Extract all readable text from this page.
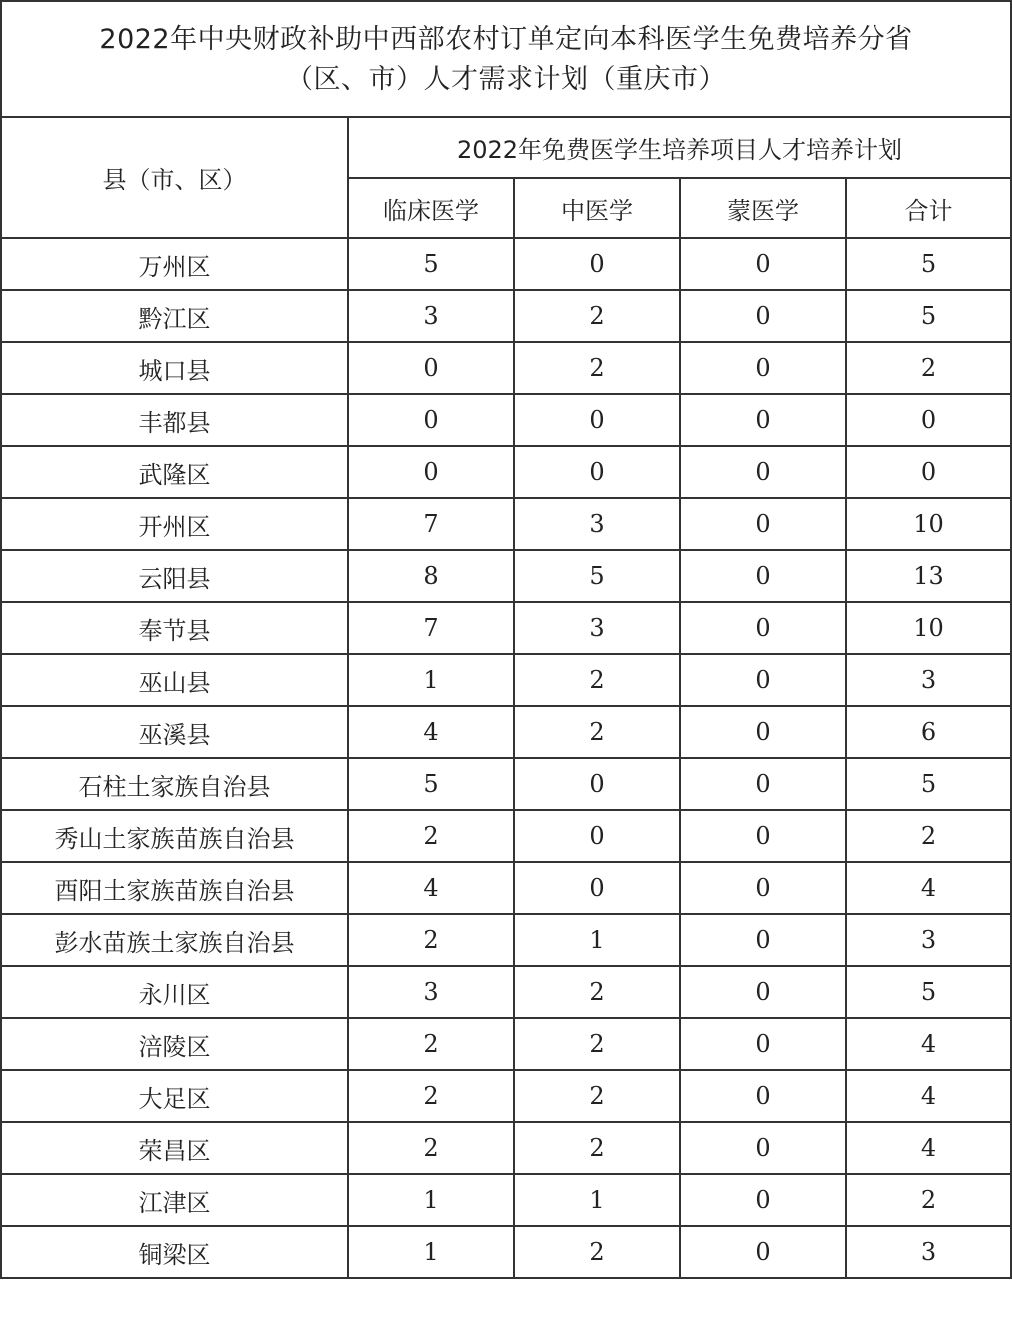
2022年中央财政补助中西部农村订单定向本科医学生免费培养分省
（区、市）人才需求计划（重庆市）
县（市、区）	2022年免费医学生培养项目人才培养计划			
	临床医学	中医学	蒙医学	合计
万州区	5	0	0	5
黔江区	3	2	0	5
城口县	0	2	0	2
丰都县	0	0	0	0
武隆区	0	0	0	0
开州区	7	3	0	10
云阳县	8	5	0	13
奉节县	7	3	0	10
巫山县	1	2	0	3
巫溪县	4	2	0	6
石柱土家族自治县	5	0	0	5
秀山土家族苗族自治县	2	0	0	2
酉阳土家族苗族自治县	4	0	0	4
彭水苗族土家族自治县	2	1	0	3
永川区	3	2	0	5
涪陵区	2	2	0	4
大足区	2	2	0	4
荣昌区	2	2	0	4
江津区	1	1	0	2
铜梁区	1	2	0	3
